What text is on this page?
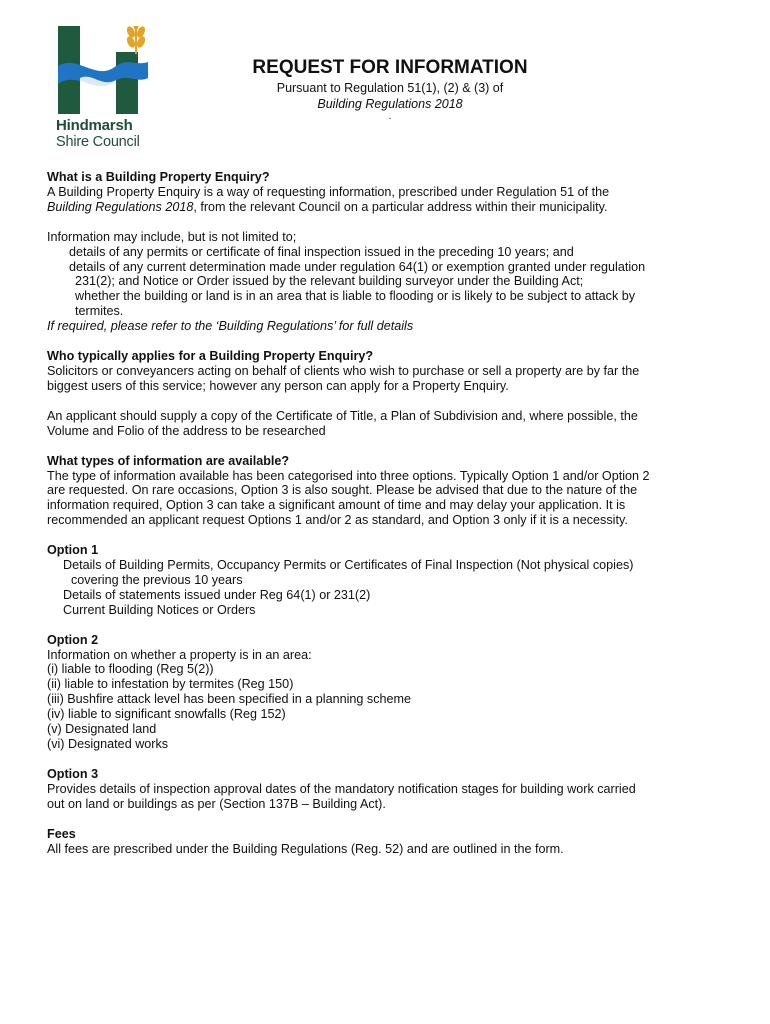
Hindmarsh
Shire Council
REQUEST FOR INFORMATION
Pursuant to Regulation 51(1), (2) & (3) of
Building Regulations 2018
.

What is a Building Property Enquiry?

A Building Property Enquiry is a way of requesting information, prescribed under Regulation 51 of the

Building Regulations 2018, from the relevant Council on a particular address within their municipality.

Information may include, but is not limited to;

details of any permits or certificate of final inspection issued in the preceding 10 years; and

details of any current determination made under regulation 64(1) or exemption granted under regulation

231(2); and Notice or Order issued by the relevant building surveyor under the Building Act;

whether the building or land is in an area that is liable to flooding or is likely to be subject to attack by

termites.

If required, please refer to the ‘Building Regulations’ for full details

Who typically applies for a Building Property Enquiry?

Solicitors or conveyancers acting on behalf of clients who wish to purchase or sell a property are by far the

biggest users of this service; however any person can apply for a Property Enquiry.

An applicant should supply a copy of the Certificate of Title, a Plan of Subdivision and, where possible, the

Volume and Folio of the address to be researched

What types of information are available?

The type of information available has been categorised into three options. Typically Option 1 and/or Option 2

are requested. On rare occasions, Option 3 is also sought. Please be advised that due to the nature of the

information required, Option 3 can take a significant amount of time and may delay your application. It is

recommended an applicant request Options 1 and/or 2 as standard, and Option 3 only if it is a necessity.

Option 1

Details of Building Permits, Occupancy Permits or Certificates of Final Inspection (Not physical copies)

covering the previous 10 years

Details of statements issued under Reg 64(1) or 231(2)

Current Building Notices or Orders

Option 2

Information on whether a property is in an area:

(i) liable to flooding (Reg 5(2))

(ii) liable to infestation by termites (Reg 150)

(iii) Bushfire attack level has been specified in a planning scheme

(iv) liable to significant snowfalls (Reg 152)

(v) Designated land

(vi) Designated works

Option 3

Provides details of inspection approval dates of the mandatory notification stages for building work carried

out on land or buildings as per (Section 137B – Building Act).

Fees

All fees are prescribed under the Building Regulations (Reg. 52) and are outlined in the form.
